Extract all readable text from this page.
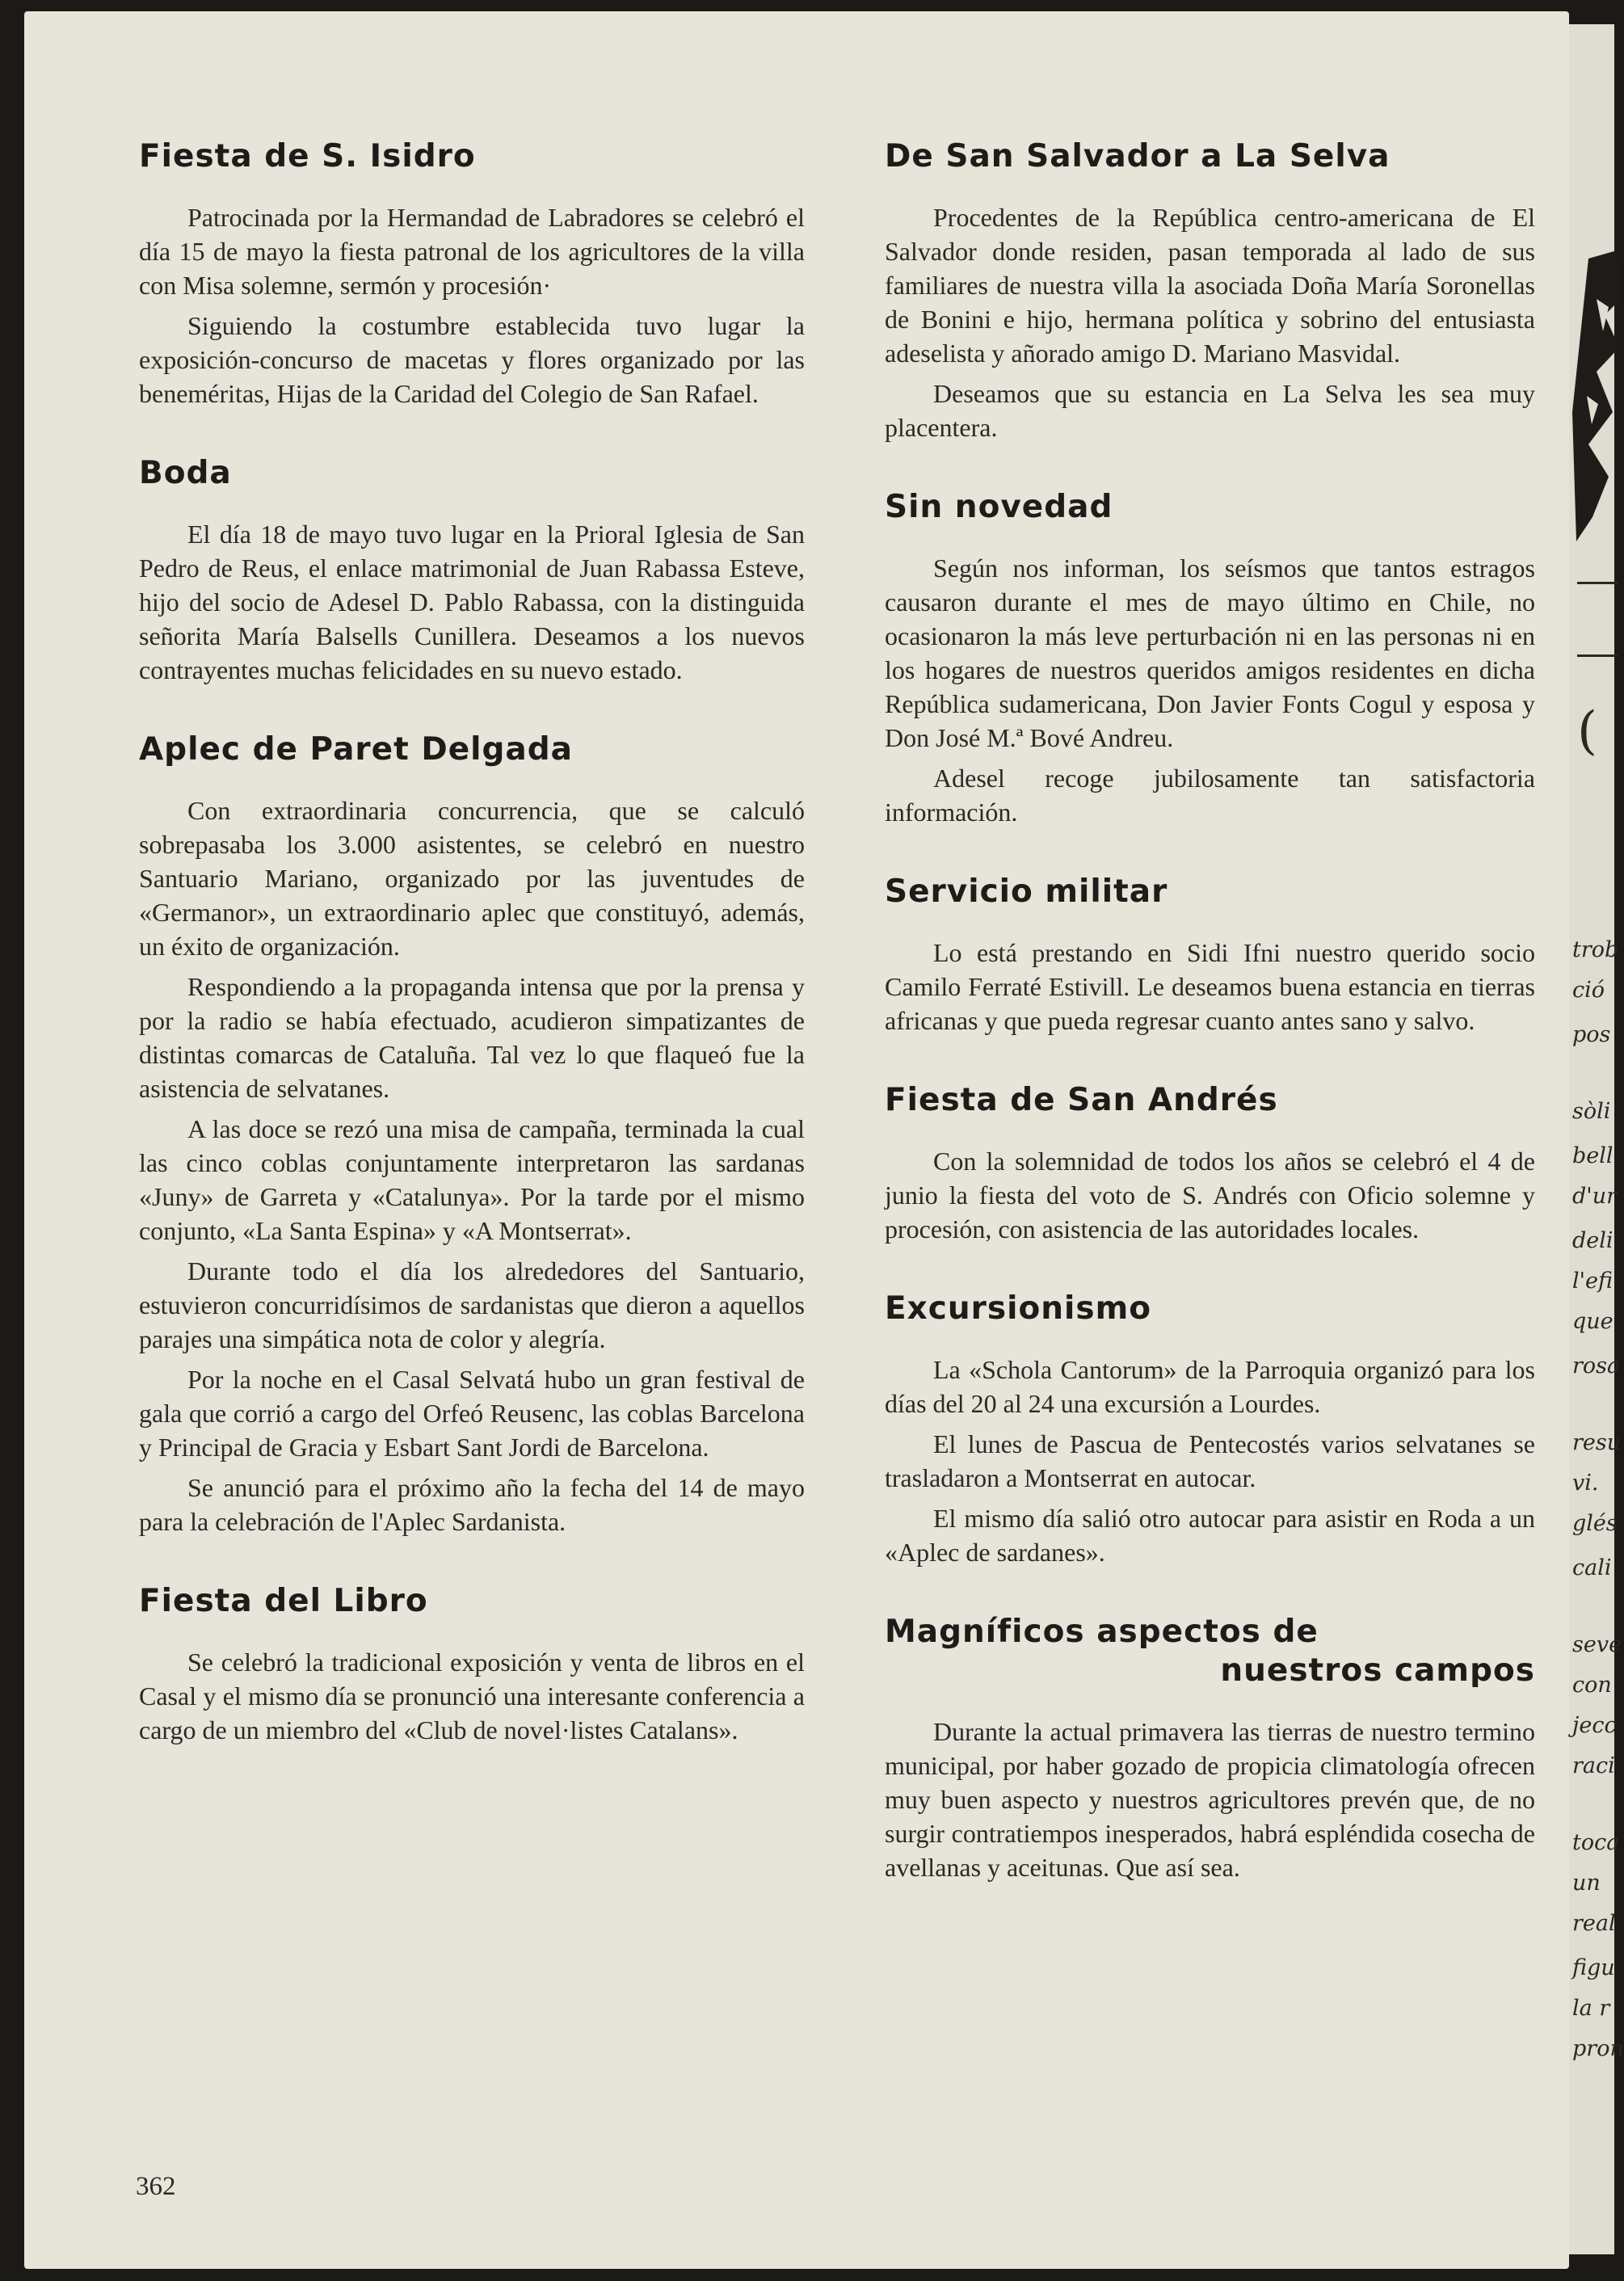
Fiesta de S. Isidro

Patrocinada por la Hermandad de Labradores se celebró el día 15 de mayo la fiesta patronal de los agricultores de la villa con Misa solemne, sermón y procesión·

Siguiendo la costumbre establecida tuvo lugar la exposición-concurso de macetas y flores organizado por las beneméritas, Hijas de la Caridad del Colegio de San Rafael.

Boda

El día 18 de mayo tuvo lugar en la Prioral Iglesia de San Pedro de Reus, el enlace matrimonial de Juan Rabassa Esteve, hijo del socio de Adesel D. Pablo Rabassa, con la distinguida señorita María Balsells Cunillera. Deseamos a los nuevos contrayentes muchas felicidades en su nuevo estado.

Aplec de Paret Delgada

Con extraordinaria concurrencia, que se calculó sobrepasaba los 3.000 asistentes, se celebró en nuestro Santuario Mariano, organizado por las juventudes de «Germanor», un extraordinario aplec que constituyó, además, un éxito de organización.

Respondiendo a la propaganda intensa que por la prensa y por la radio se había efectuado, acudieron simpatizantes de distintas comarcas de Cataluña. Tal vez lo que flaqueó fue la asistencia de selvatanes.

A las doce se rezó una misa de campaña, terminada la cual las cinco coblas conjuntamente interpretaron las sardanas «Juny» de Garreta y «Catalunya». Por la tarde por el mismo conjunto, «La Santa Espina» y «A Montserrat».

Durante todo el día los alrededores del Santuario, estuvieron concurridísimos de sardanistas que dieron a aquellos parajes una simpática nota de color y alegría.

Por la noche en el Casal Selvatá hubo un gran festival de gala que corrió a cargo del Orfeó Reusenc, las coblas Barcelona y Principal de Gracia y Esbart Sant Jordi de Barcelona.

Se anunció para el próximo año la fecha del 14 de mayo para la celebración de l'Aplec Sardanista.

Fiesta del Libro

Se celebró la tradicional exposición y venta de libros en el Casal y el mismo día se pronunció una interesante conferencia a cargo de un miembro del «Club de novel·listes Catalans».

De San Salvador a La Selva

Procedentes de la República centro-americana de El Salvador donde residen, pasan temporada al lado de sus familiares de nuestra villa la asociada Doña María Soronellas de Bonini e hijo, hermana política y sobrino del entusiasta adeselista y añorado amigo D. Mariano Masvidal.

Deseamos que su estancia en La Selva les sea muy placentera.

Sin novedad

Según nos informan, los seísmos que tantos estragos causaron durante el mes de mayo último en Chile, no ocasionaron la más leve perturbación ni en las personas ni en los hogares de nuestros queridos amigos residentes en dicha República sudamericana, Don Javier Fonts Cogul y esposa y Don José M.ª Bové Andreu.

Adesel recoge jubilosamente tan satisfactoria información.

Servicio militar

Lo está prestando en Sidi Ifni nuestro querido socio Camilo Ferraté Estivill. Le deseamos buena estancia en tierras africanas y que pueda regresar cuanto antes sano y salvo.

Fiesta de San Andrés

Con la solemnidad de todos los años se celebró el 4 de junio la fiesta del voto de S. Andrés con Oficio solemne y procesión, con asistencia de las autoridades locales.

Excursionismo

La «Schola Cantorum» de la Parroquia organizó para los días del 20 al 24 una excursión a Lourdes.

El lunes de Pascua de Pentecostés varios selvatanes se trasladaron a Montserrat en autocar.

El mismo día salió otro autocar para asistir en Roda a un «Aplec de sardanes».

Magníficos aspectos de
nuestros campos

Durante la actual primavera las tierras de nuestro termino municipal, por haber gozado de propicia climatología ofrecen muy buen aspecto y nuestros agricultores prevén que, de no surgir contratiempos inesperados, habrá espléndida cosecha de avellanas y aceitunas. Que así sea.

362
(
trob
ció
pos
sòli
bell
d'ur
deli
l'efi
que
rosa
resu
vi.
glés
cali
seve
con
jecc
raci
toca
un
real
figu
la r
pron
